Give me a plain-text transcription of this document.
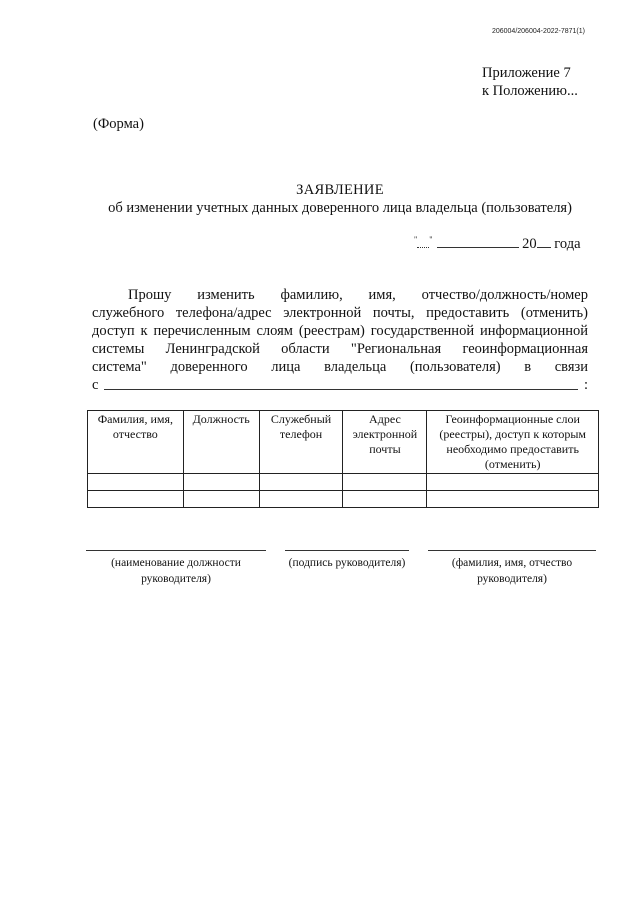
206004/206004-2022-7871(1)
Приложение 7
к Положению...
(Форма)
ЗАЯВЛЕНИЕ
об изменении учетных данных доверенного лица владельца (пользователя)
" "	20 года
Прошу изменить фамилию, имя, отчество/должность/номер
служебного телефона/адрес электронной почты, предоставить (отменить)
доступ к перечисленным слоям (реестрам) государственной информационной
системы Ленинградской области "Региональная геоинформационная
система" доверенного лица владельца (пользователя) в связи
с	:
Фамилия, имя, отчество	Должность	Служебный телефон	Адрес электронной почты	Геоинформационные слои (реестры), доступ к которым необходимо предоставить (отменить)

(наименование должности руководителя)
(подпись руководителя)	(фамилия, имя, отчество руководителя)
